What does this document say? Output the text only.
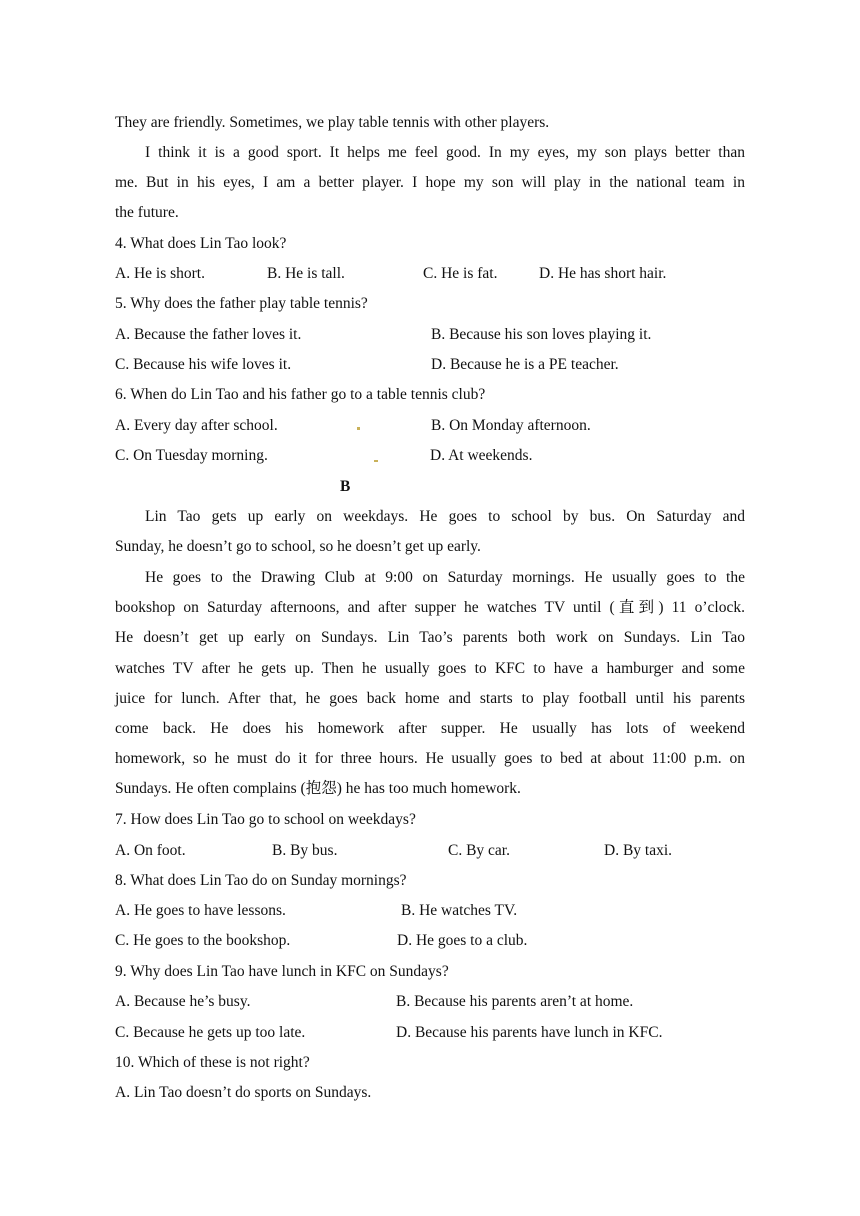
They are friendly. Sometimes, we play table tennis with other players.
I think it is a good sport. It helps me feel good. In my eyes, my son plays better than
me. But in his eyes, I am a better player. I hope my son will play in the national team in
the future.
4. What does Lin Tao look?
A. He is short.	B. He is tall.	C. He is fat.	D. He has short hair.
5. Why does the father play table tennis?
A. Because the father loves it.	B. Because his son loves playing it.
C. Because his wife loves it.	D. Because he is a PE teacher.
6. When do Lin Tao and his father go to a table tennis club?
A. Every day after school.	B. On Monday afternoon.
C. On Tuesday morning.	D. At weekends.
B
Lin Tao gets up early on weekdays. He goes to school by bus. On Saturday and
Sunday, he doesn’t go to school, so he doesn’t get up early.
He goes to the Drawing Club at 9:00 on Saturday mornings. He usually goes to the
bookshop on Saturday afternoons, and after supper he watches TV until (直到) 11 o’clock.
He doesn’t get up early on Sundays. Lin Tao’s parents both work on Sundays. Lin Tao
watches TV after he gets up. Then he usually goes to KFC to have a hamburger and some
juice for lunch. After that, he goes back home and starts to play football until his parents
come back. He does his homework after supper. He usually has lots of weekend
homework, so he must do it for three hours. He usually goes to bed at about 11:00 p.m. on
Sundays. He often complains (抱怨) he has too much homework.
7. How does Lin Tao go to school on weekdays?
A. On foot.	B. By bus.	C. By car.	D. By taxi.
8. What does Lin Tao do on Sunday mornings?
A. He goes to have lessons.	B. He watches TV.
C. He goes to the bookshop.	D. He goes to a club.
9. Why does Lin Tao have lunch in KFC on Sundays?
A. Because he’s busy.	B. Because his parents aren’t at home.
C. Because he gets up too late.	D. Because his parents have lunch in KFC.
10. Which of these is not right?
A. Lin Tao doesn’t do sports on Sundays.
